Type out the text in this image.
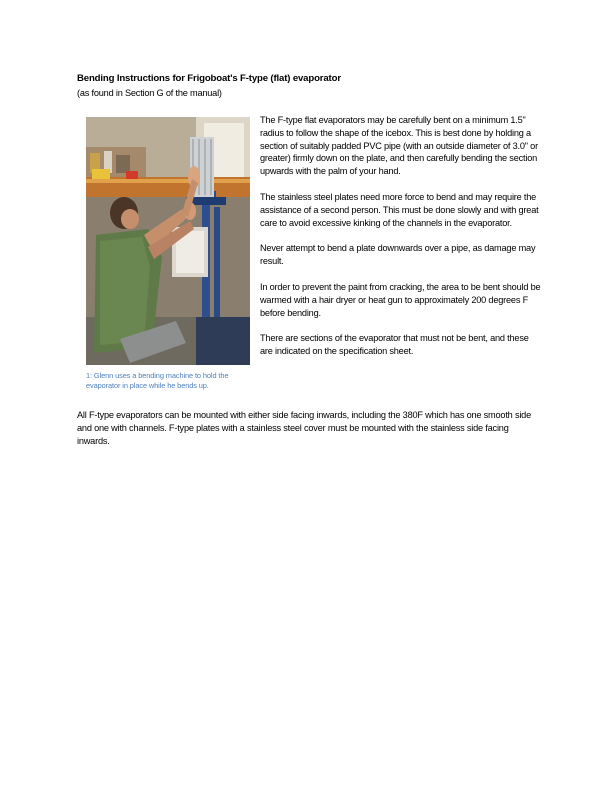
Bending Instructions for Frigoboat's F-type (flat) evaporator
(as found in Section G of the manual)
1: Glenn uses a bending machine to hold the evaporator in place while he bends up.

The F-type flat evaporators may be carefully bent on a minimum 1.5" radius to follow the shape of the icebox. This is best done by holding a section of suitably padded PVC pipe (with an outside diameter of 3.0" or greater) firmly down on the plate, and then carefully bending the section upwards with the palm of your hand.

The stainless steel plates need more force to bend and may require the assistance of a second person. This must be done slowly and with great care to avoid excessive kinking of the channels in the evaporator.

Never attempt to bend a plate downwards over a pipe, as damage may result.

In order to prevent the paint from cracking, the area to be bent should be warmed with a hair dryer or heat gun to approximately 200 degrees F before bending.

There are sections of the evaporator that must not be bent, and these are indicated on the specification sheet.

All F-type evaporators can be mounted with either side facing inwards, including the 380F which has one smooth side and one with channels. F-type plates with a stainless steel cover must be mounted with the stainless side facing inwards.
